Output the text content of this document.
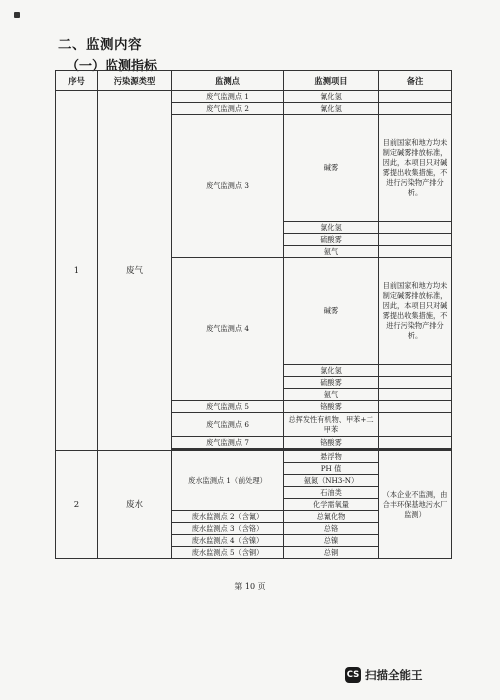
二、监测内容
（一）监测指标
序号	污染源类型	监测点	监测项目	备注
1	废气	废气监测点 1	氰化氢	
		废气监测点 2	氰化氢	
		废气监测点 3	碱雾	目前国家和地方均未制定碱雾排放标准，因此，本项目只对碱雾提出收集措施，不进行污染物产排分析。
			氯化氢	
			硫酸雾	
			氨气	
		废气监测点 4	碱雾	目前国家和地方均未制定碱雾排放标准，因此，本项目只对碱雾提出收集措施，不进行污染物产排分析。
			氯化氢	
			硫酸雾	
			氨气	
		废气监测点 5	铬酸雾	
		废气监测点 6	总挥发性有机物、甲苯+二甲苯	
		废气监测点 7	铬酸雾	

2	废水	废水监测点 1（前处理）	悬浮物	（本企业不监测，由合丰环保基地污水厂监测）
			PH 值	
			氨氮（NH3-N）	
			石油类	
			化学需氧量	
		废水监测点 2（含氰）	总氰化物	
		废水监测点 3（含铬）	总铬	
		废水监测点 4（含镍）	总镍	
		废水监测点 5（含铜）	总铜	
第 10 页
CS 扫描全能王
